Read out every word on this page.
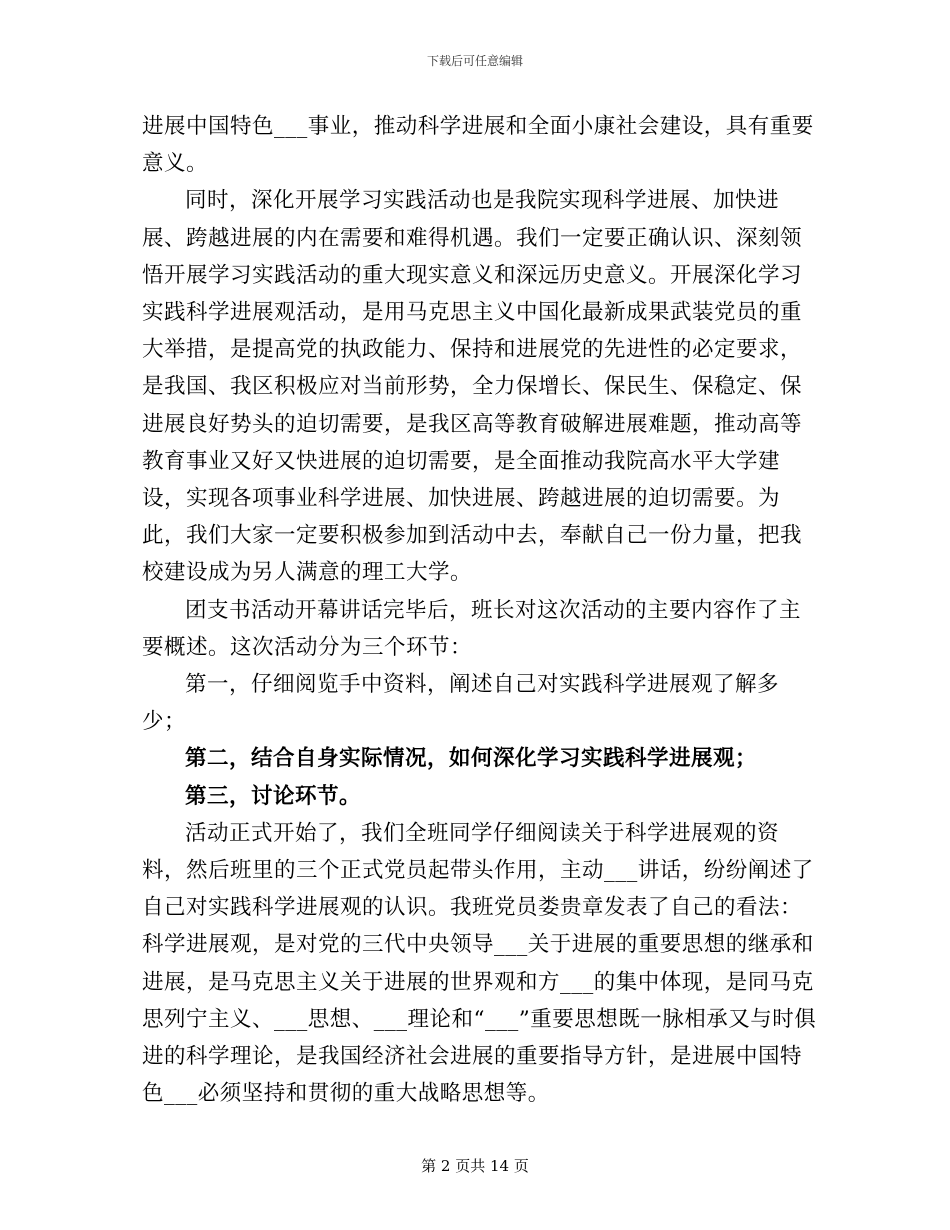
下载后可任意编辑

进展中国特色___事业，推动科学进展和全面小康社会建设，具有重要意义。

同时，深化开展学习实践活动也是我院实现科学进展、加快进展、跨越进展的内在需要和难得机遇。我们一定要正确认识、深刻领悟开展学习实践活动的重大现实意义和深远历史意义。开展深化学习实践科学进展观活动，是用马克思主义中国化最新成果武装党员的重大举措，是提高党的执政能力、保持和进展党的先进性的必定要求，是我国、我区积极应对当前形势，全力保增长、保民生、保稳定、保进展良好势头的迫切需要，是我区高等教育破解进展难题，推动高等教育事业又好又快进展的迫切需要，是全面推动我院高水平大学建设，实现各项事业科学进展、加快进展、跨越进展的迫切需要。为此，我们大家一定要积极参加到活动中去，奉献自己一份力量，把我校建设成为另人满意的理工大学。

团支书活动开幕讲话完毕后，班长对这次活动的主要内容作了主要概述。这次活动分为三个环节：

第一，仔细阅览手中资料，阐述自己对实践科学进展观了解多少；

第二，结合自身实际情况，如何深化学习实践科学进展观；

第三，讨论环节。

活动正式开始了，我们全班同学仔细阅读关于科学进展观的资料，然后班里的三个正式党员起带头作用，主动___讲话，纷纷阐述了自己对实践科学进展观的认识。我班党员娄贵章发表了自己的看法：科学进展观，是对党的三代中央领导___关于进展的重要思想的继承和进展，是马克思主义关于进展的世界观和方___的集中体现，是同马克思列宁主义、___思想、___理论和“___”重要思想既一脉相承又与时俱进的科学理论，是我国经济社会进展的重要指导方针，是进展中国特色___必须坚持和贯彻的重大战略思想等。

第 2 页共 14 页
